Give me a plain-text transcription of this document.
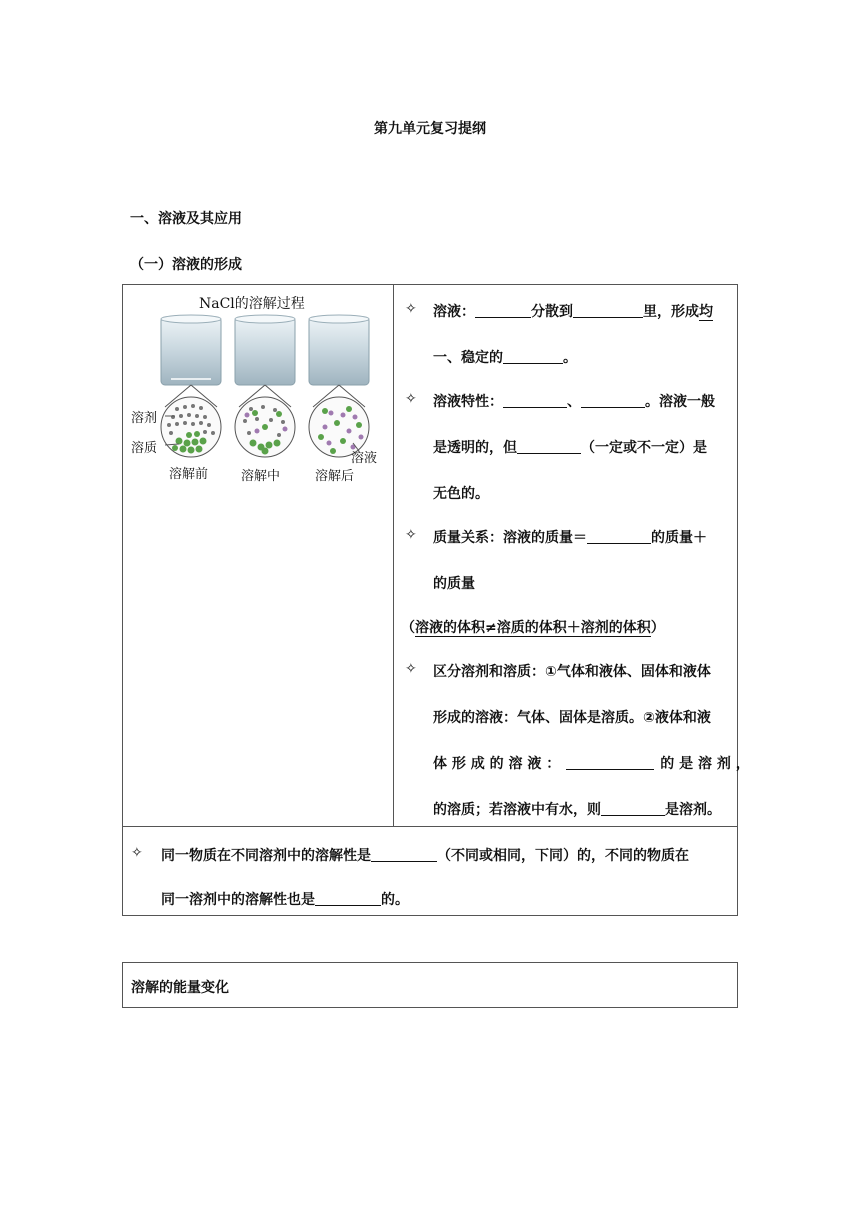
第九单元复习提纲
一、溶液及其应用
（一）溶液的形成
NaCl的溶解过程
溶剂
溶质
溶液
溶解前	溶解中	溶解后
✧ 溶液：	分散到	里，形成均
一、稳定的	。
✧ 溶液特性：	、	。溶液一般
是透明的，但	（一定或不一定）是
无色的。
✧ 质量关系：溶液的质量＝	的质量＋
的质量
（溶液的体积≠溶质的体积＋溶剂的体积）
✧ 区分溶剂和溶质：①气体和液体、固体和液体
形成的溶液：气体、固体是溶质。②液体和液
体 形 成 的 溶 液 ：	的 是 溶 剂 ，
的溶质；若溶液中有水，则	是溶剂。
✧ 同一物质在不同溶剂中的溶解性是	（不同或相同，下同）的，不同的物质在
同一溶剂中的溶解性也是	的。
溶解的能量变化
